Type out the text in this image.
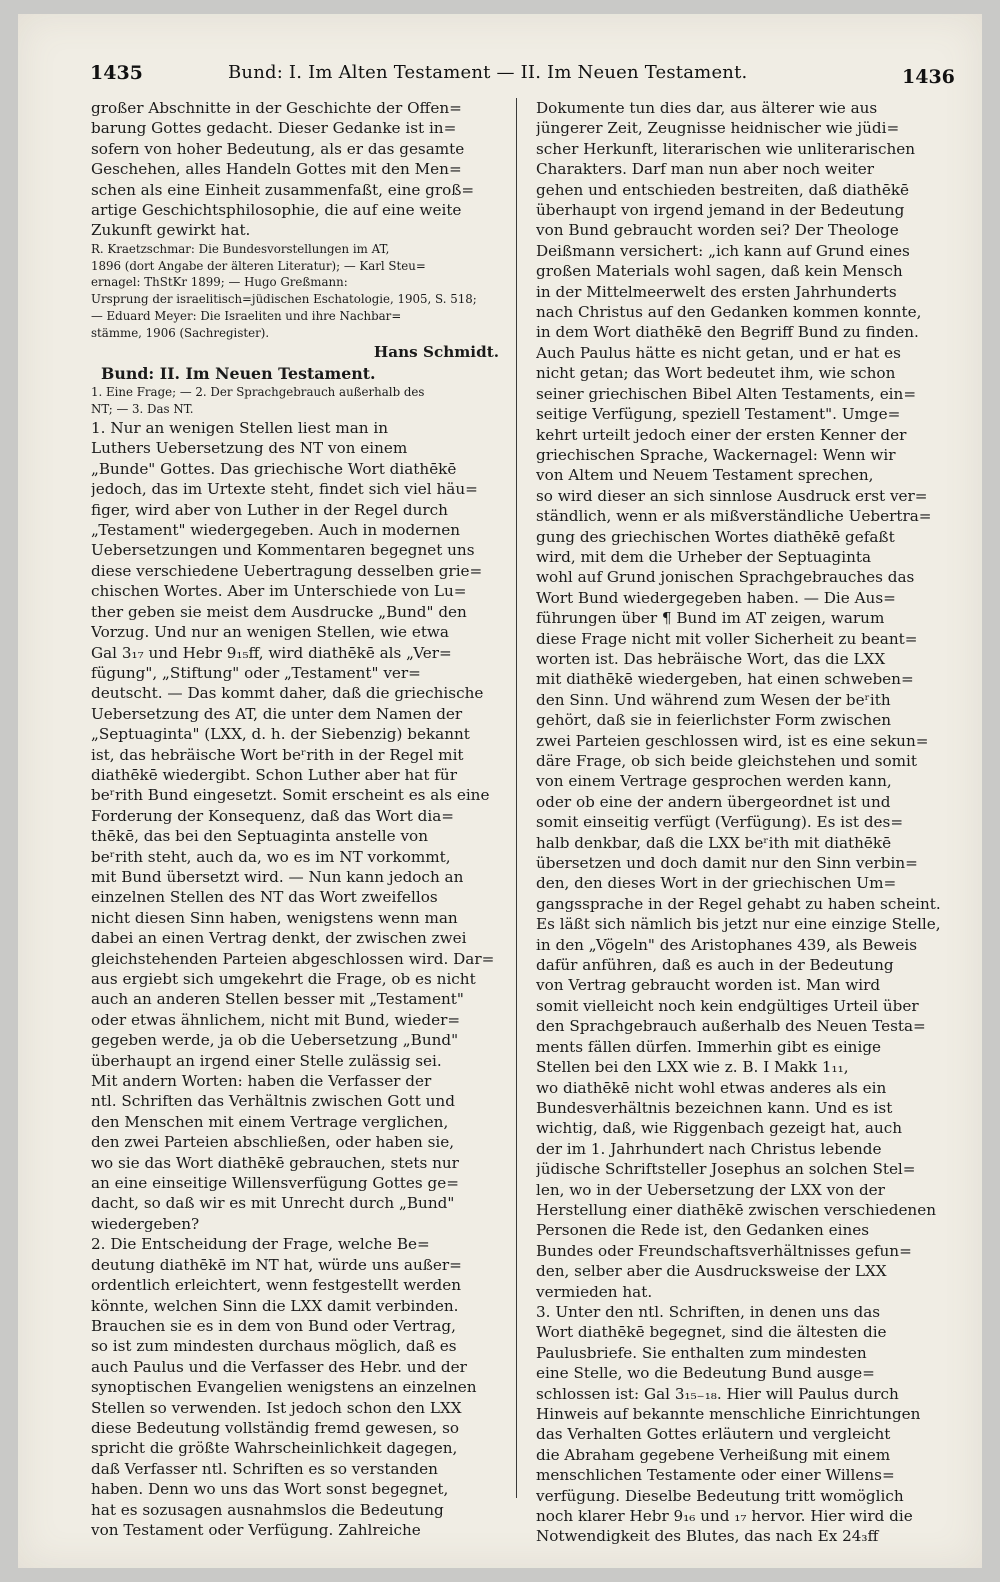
1435	Bund: I. Im Alten Testament — II. Im Neuen Testament.	1436
großer Abschnitte in der Geschichte der Offen=
barung Gottes gedacht. Dieser Gedanke ist in=
sofern von hoher Bedeutung, als er das gesamte
Geschehen, alles Handeln Gottes mit den Men=
schen als eine Einheit zusammenfaßt, eine groß=
artige Geschichtsphilosophie, die auf eine weite
Zukunft gewirkt hat.
R. Kraetzschmar: Die Bundesvorstellungen im AT,
1896 (dort Angabe der älteren Literatur); — Karl Steu=
ernagel: ThStKr 1899; — Hugo Greßmann:
Ursprung der israelitisch=jüdischen Eschatologie, 1905, S. 518;
— Eduard Meyer: Die Israeliten und ihre Nachbar=
stämme, 1906 (Sachregister).
Hans Schmidt.
Bund: II. Im Neuen Testament.
1. Eine Frage; — 2. Der Sprachgebrauch außerhalb des
NT; — 3. Das NT.
1. Nur an wenigen Stellen liest man in
Luthers Uebersetzung des NT von einem
„Bunde" Gottes. Das griechische Wort diathēkē
jedoch, das im Urtexte steht, findet sich viel häu=
figer, wird aber von Luther in der Regel durch
„Testament" wiedergegeben. Auch in modernen
Uebersetzungen und Kommentaren begegnet uns
diese verschiedene Uebertragung desselben grie=
chischen Wortes. Aber im Unterschiede von Lu=
ther geben sie meist dem Ausdrucke „Bund" den
Vorzug. Und nur an wenigen Stellen, wie etwa
Gal 3₁₇ und Hebr 9₁₅ff, wird diathēkē als „Ver=
fügung", „Stiftung" oder „Testament" ver=
deutscht. — Das kommt daher, daß die griechische
Uebersetzung des AT, die unter dem Namen der
„Septuaginta" (LXX, d. h. der Siebenzig) bekannt
ist, das hebräische Wort beʳrith in der Regel mit
diathēkē wiedergibt. Schon Luther aber hat für
beʳrith Bund eingesetzt. Somit erscheint es als eine
Forderung der Konsequenz, daß das Wort dia=
thēkē, das bei den Septuaginta anstelle von
beʳrith steht, auch da, wo es im NT vorkommt,
mit Bund übersetzt wird. — Nun kann jedoch an
einzelnen Stellen des NT das Wort zweifellos
nicht diesen Sinn haben, wenigstens wenn man
dabei an einen Vertrag denkt, der zwischen zwei
gleichstehenden Parteien abgeschlossen wird. Dar=
aus ergiebt sich umgekehrt die Frage, ob es nicht
auch an anderen Stellen besser mit „Testament"
oder etwas ähnlichem, nicht mit Bund, wieder=
gegeben werde, ja ob die Uebersetzung „Bund"
überhaupt an irgend einer Stelle zulässig sei.
Mit andern Worten: haben die Verfasser der
ntl. Schriften das Verhältnis zwischen Gott und
den Menschen mit einem Vertrage verglichen,
den zwei Parteien abschließen, oder haben sie,
wo sie das Wort diathēkē gebrauchen, stets nur
an eine einseitige Willensverfügung Gottes ge=
dacht, so daß wir es mit Unrecht durch „Bund"
wiedergeben?
2. Die Entscheidung der Frage, welche Be=
deutung diathēkē im NT hat, würde uns außer=
ordentlich erleichtert, wenn festgestellt werden
könnte, welchen Sinn die LXX damit verbinden.
Brauchen sie es in dem von Bund oder Vertrag,
so ist zum mindesten durchaus möglich, daß es
auch Paulus und die Verfasser des Hebr. und der
synoptischen Evangelien wenigstens an einzelnen
Stellen so verwenden. Ist jedoch schon den LXX
diese Bedeutung vollständig fremd gewesen, so
spricht die größte Wahrscheinlichkeit dagegen,
daß Verfasser ntl. Schriften es so verstanden
haben. Denn wo uns das Wort sonst begegnet,
hat es sozusagen ausnahmslos die Bedeutung
von Testament oder Verfügung. Zahlreiche
Dokumente tun dies dar, aus älterer wie aus
jüngerer Zeit, Zeugnisse heidnischer wie jüdi=
scher Herkunft, literarischen wie unliterarischen
Charakters. Darf man nun aber noch weiter
gehen und entschieden bestreiten, daß diathēkē
überhaupt von irgend jemand in der Bedeutung
von Bund gebraucht worden sei? Der Theologe
Deißmann versichert: „ich kann auf Grund eines
großen Materials wohl sagen, daß kein Mensch
in der Mittelmeerwelt des ersten Jahrhunderts
nach Christus auf den Gedanken kommen konnte,
in dem Wort diathēkē den Begriff Bund zu finden.
Auch Paulus hätte es nicht getan, und er hat es
nicht getan; das Wort bedeutet ihm, wie schon
seiner griechischen Bibel Alten Testaments, ein=
seitige Verfügung, speziell Testament". Umge=
kehrt urteilt jedoch einer der ersten Kenner der
griechischen Sprache, Wackernagel: Wenn wir
von Altem und Neuem Testament sprechen,
so wird dieser an sich sinnlose Ausdruck erst ver=
ständlich, wenn er als mißverständliche Uebertra=
gung des griechischen Wortes diathēkē gefaßt
wird, mit dem die Urheber der Septuaginta
wohl auf Grund jonischen Sprachgebrauches das
Wort Bund wiedergegeben haben. — Die Aus=
führungen über ¶ Bund im AT zeigen, warum
diese Frage nicht mit voller Sicherheit zu beant=
worten ist. Das hebräische Wort, das die LXX
mit diathēkē wiedergeben, hat einen schweben=
den Sinn. Und während zum Wesen der beʳith
gehört, daß sie in feierlichster Form zwischen
zwei Parteien geschlossen wird, ist es eine sekun=
däre Frage, ob sich beide gleichstehen und somit
von einem Vertrage gesprochen werden kann,
oder ob eine der andern übergeordnet ist und
somit einseitig verfügt (Verfügung). Es ist des=
halb denkbar, daß die LXX beʳith mit diathēkē
übersetzen und doch damit nur den Sinn verbin=
den, den dieses Wort in der griechischen Um=
gangssprache in der Regel gehabt zu haben scheint.
Es läßt sich nämlich bis jetzt nur eine einzige Stelle,
in den „Vögeln" des Aristophanes 439, als Beweis
dafür anführen, daß es auch in der Bedeutung
von Vertrag gebraucht worden ist. Man wird
somit vielleicht noch kein endgültiges Urteil über
den Sprachgebrauch außerhalb des Neuen Testa=
ments fällen dürfen. Immerhin gibt es einige
Stellen bei den LXX wie z. B. I Makk 1₁₁,
wo diathēkē nicht wohl etwas anderes als ein
Bundesverhältnis bezeichnen kann. Und es ist
wichtig, daß, wie Riggenbach gezeigt hat, auch
der im 1. Jahrhundert nach Christus lebende
jüdische Schriftsteller Josephus an solchen Stel=
len, wo in der Uebersetzung der LXX von der
Herstellung einer diathēkē zwischen verschiedenen
Personen die Rede ist, den Gedanken eines
Bundes oder Freundschaftsverhältnisses gefun=
den, selber aber die Ausdrucksweise der LXX
vermieden hat.
3. Unter den ntl. Schriften, in denen uns das
Wort diathēkē begegnet, sind die ältesten die
Paulusbriefe. Sie enthalten zum mindesten
eine Stelle, wo die Bedeutung Bund ausge=
schlossen ist: Gal 3₁₅₋₁₈. Hier will Paulus durch
Hinweis auf bekannte menschliche Einrichtungen
das Verhalten Gottes erläutern und vergleicht
die Abraham gegebene Verheißung mit einem
menschlichen Testamente oder einer Willens=
verfügung. Dieselbe Bedeutung tritt womöglich
noch klarer Hebr 9₁₆ und ₁₇ hervor. Hier wird die
Notwendigkeit des Blutes, das nach Ex 24₃ff
